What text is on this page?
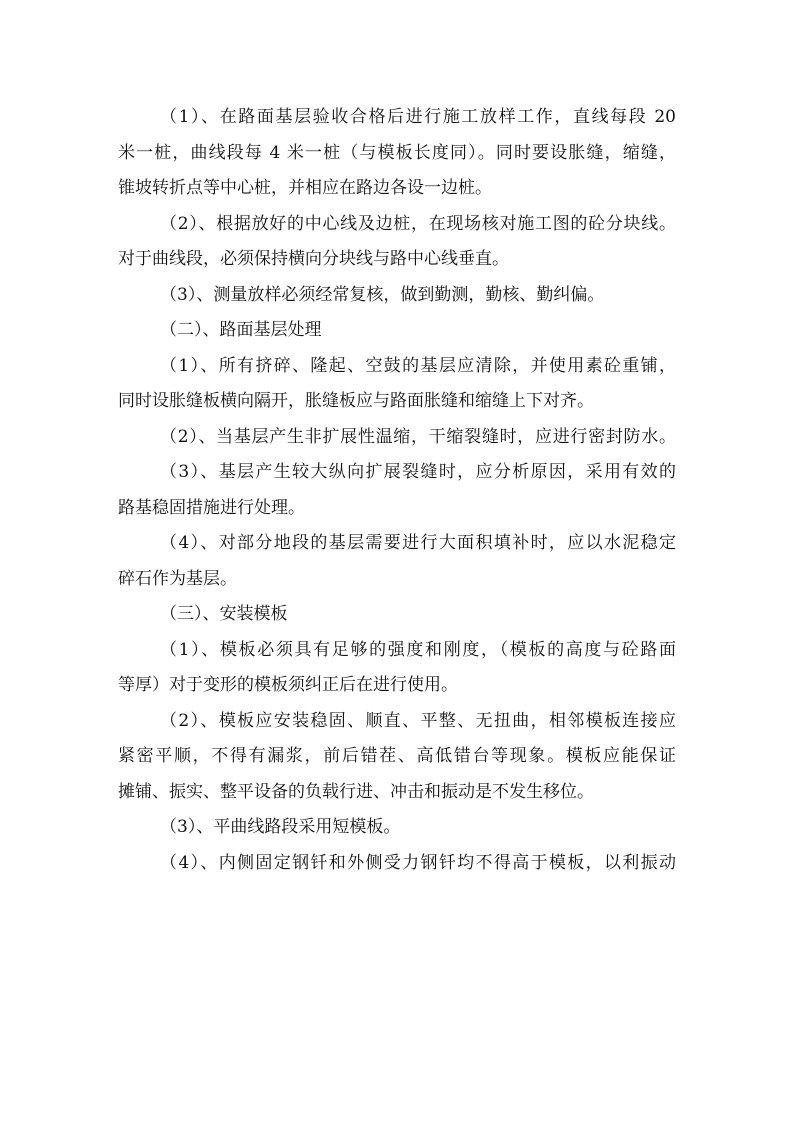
（1）、在路面基层验收合格后进行施工放样工作，直线每段 20
米一桩，曲线段每 4 米一桩（与模板长度同）。同时要设胀缝，缩缝，
锥坡转折点等中心桩，并相应在路边各设一边桩。
（2）、根据放好的中心线及边桩，在现场核对施工图的砼分块线。
对于曲线段，必须保持横向分块线与路中心线垂直。
（3）、测量放样必须经常复核，做到勤测，勤核、勤纠偏。
（二）、路面基层处理
（1）、所有挤碎、隆起、空鼓的基层应清除，并使用素砼重铺，
同时设胀缝板横向隔开，胀缝板应与路面胀缝和缩缝上下对齐。
（2）、当基层产生非扩展性温缩，干缩裂缝时，应进行密封防水。
（3）、基层产生较大纵向扩展裂缝时，应分析原因，采用有效的
路基稳固措施进行处理。
（4）、对部分地段的基层需要进行大面积填补时，应以水泥稳定
碎石作为基层。
（三）、安装模板
（1）、模板必须具有足够的强度和刚度，（模板的高度与砼路面
等厚）对于变形的模板须纠正后在进行使用。
（2）、模板应安装稳固、顺直、平整、无扭曲，相邻模板连接应
紧密平顺，不得有漏浆，前后错茬、高低错台等现象。模板应能保证
摊铺、振实、整平设备的负载行进、冲击和振动是不发生移位。
（3）、平曲线路段采用短模板。
（4）、内侧固定钢钎和外侧受力钢钎均不得高于模板，以利振动
